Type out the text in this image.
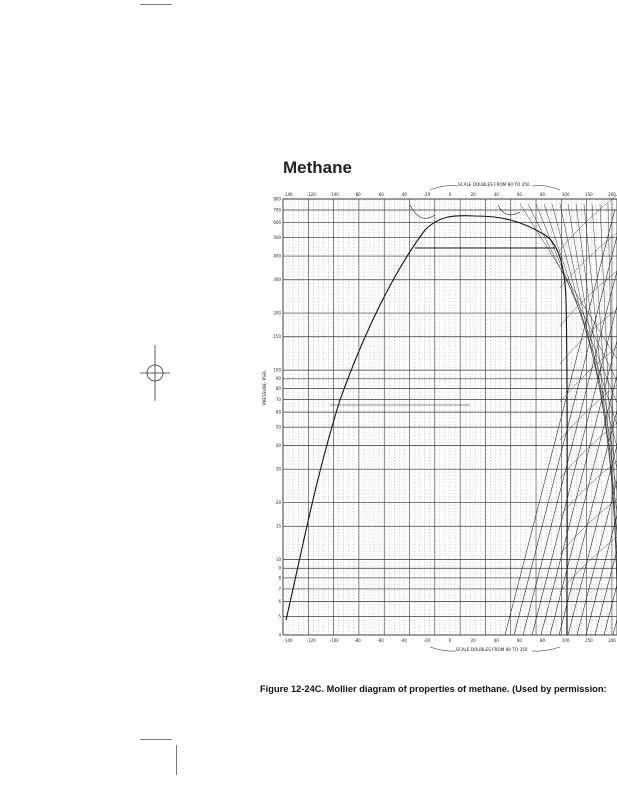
800
700
600
500
400
300
200
150
100
90
80
70
60
50
40
30
20
15
10
9
8
7
6
5
4
-140	-120	-100	-80	-60	-40	-20	0	20	40	60	80	100	150	200
-140	-120	-100	-80	-60	-40	-20	0	20	40	60	80	100	150	200
SCALE DOUBLES FROM 80 TO 350
SCALE DOUBLES FROM 80 TO 350
PRESSURE, PSIA
Methane
Figure 12-24C. Mollier diagram of properties of methane. (Used by permission:
